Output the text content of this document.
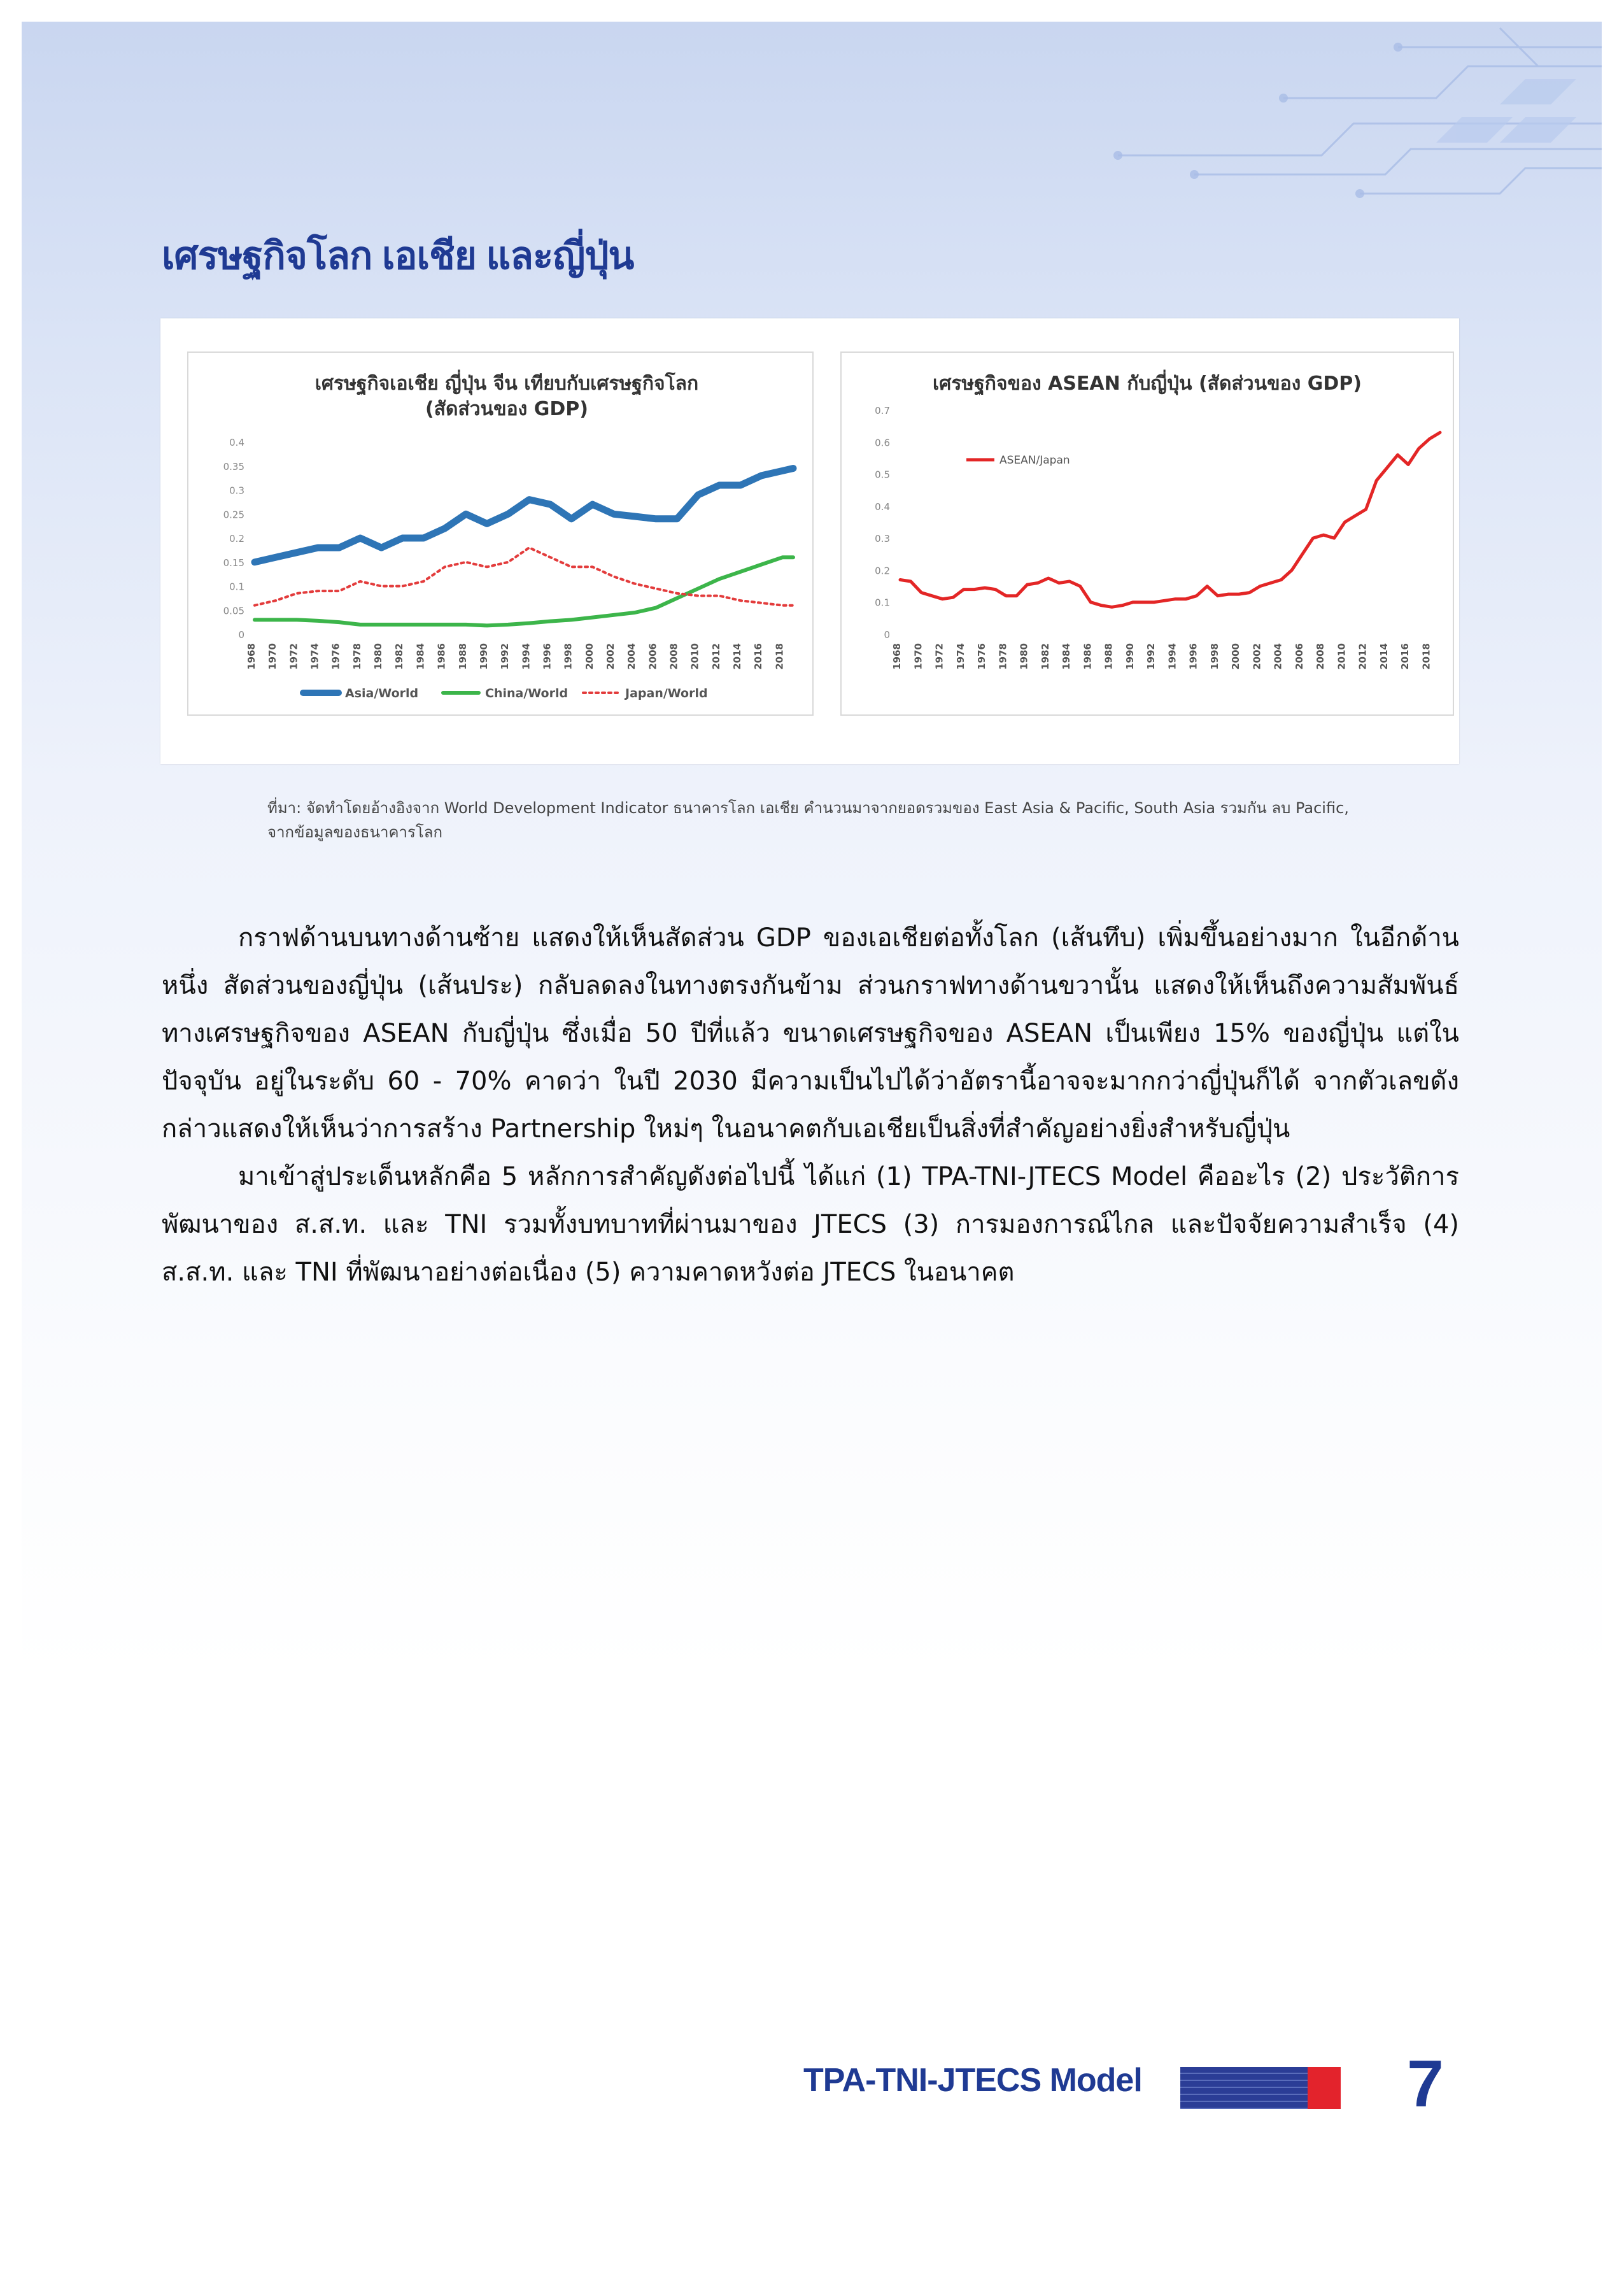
เศรษฐกิจโลก เอเชีย และญี่ปุ่น
เศรษฐกิจเอเชีย ญี่ปุ่น จีน เทียบกับเศรษฐกิจโลก
(สัดส่วนของ GDP)
0
0.05
0.1
0.15
0.2
0.25
0.3
0.35
0.4
1968 1970 1972 1974 1976 1978 1980 1982 1984 1986 1988 1990 1992 1994 1996 1998 2000 2002 2004 2006 2008 2010 2012 2014 2016 2018
Asia/World	China/World	Japan/World
เศรษฐกิจของ ASEAN กับญี่ปุ่น (สัดส่วนของ GDP)
0
0.1
0.2
0.3
0.4
0.5
0.6
0.7
1968 1970 1972 1974 1976 1978 1980 1982 1984 1986 1988 1990 1992 1994 1996 1998 2000 2002 2004 2006 2008 2010 2012 2014 2016 2018
ASEAN/Japan
ที่มา: จัดทำโดยอ้างอิงจาก World Development Indicator ธนาคารโลก เอเชีย คำนวนมาจากยอดรวมของ East Asia & Pacific, South Asia รวมกัน ลบ Pacific,
จากข้อมูลของธนาคารโลก

กราฟด้านบนทางด้านซ้าย แสดงให้เห็นสัดส่วน GDP ของเอเชียต่อทั้งโลก (เส้นทึบ) เพิ่มขึ้นอย่างมาก ในอีกด้านหนึ่ง สัดส่วนของญี่ปุ่น (เส้นประ) กลับลดลงในทางตรงกันข้าม ส่วนกราฟทางด้านขวานั้น แสดงให้เห็นถึงความสัมพันธ์ทางเศรษฐกิจของ ASEAN กับญี่ปุ่น ซึ่งเมื่อ 50 ปีที่แล้ว ขนาดเศรษฐกิจของ ASEAN เป็นเพียง 15% ของญี่ปุ่น แต่ในปัจจุบัน อยู่ในระดับ 60 - 70% คาดว่า ในปี 2030 มีความเป็นไปได้ว่าอัตรานี้อาจจะมากกว่าญี่ปุ่นก็ได้ จากตัวเลขดังกล่าวแสดงให้เห็นว่าการสร้าง Partnership ใหม่ๆ ในอนาคตกับเอเชียเป็นสิ่งที่สำคัญอย่างยิ่งสำหรับญี่ปุ่น

มาเข้าสู่ประเด็นหลักคือ 5 หลักการสำคัญดังต่อไปนี้ ได้แก่ (1) TPA-TNI-JTECS Model คืออะไร (2) ประวัติการพัฒนาของ ส.ส.ท. และ TNI รวมทั้งบทบาทที่ผ่านมาของ JTECS (3) การมองการณ์ไกล และปัจจัยความสำเร็จ (4) ส.ส.ท. และ TNI ที่พัฒนาอย่างต่อเนื่อง (5) ความคาดหวังต่อ JTECS ในอนาคต

TPA-TNI-JTECS Model	7
